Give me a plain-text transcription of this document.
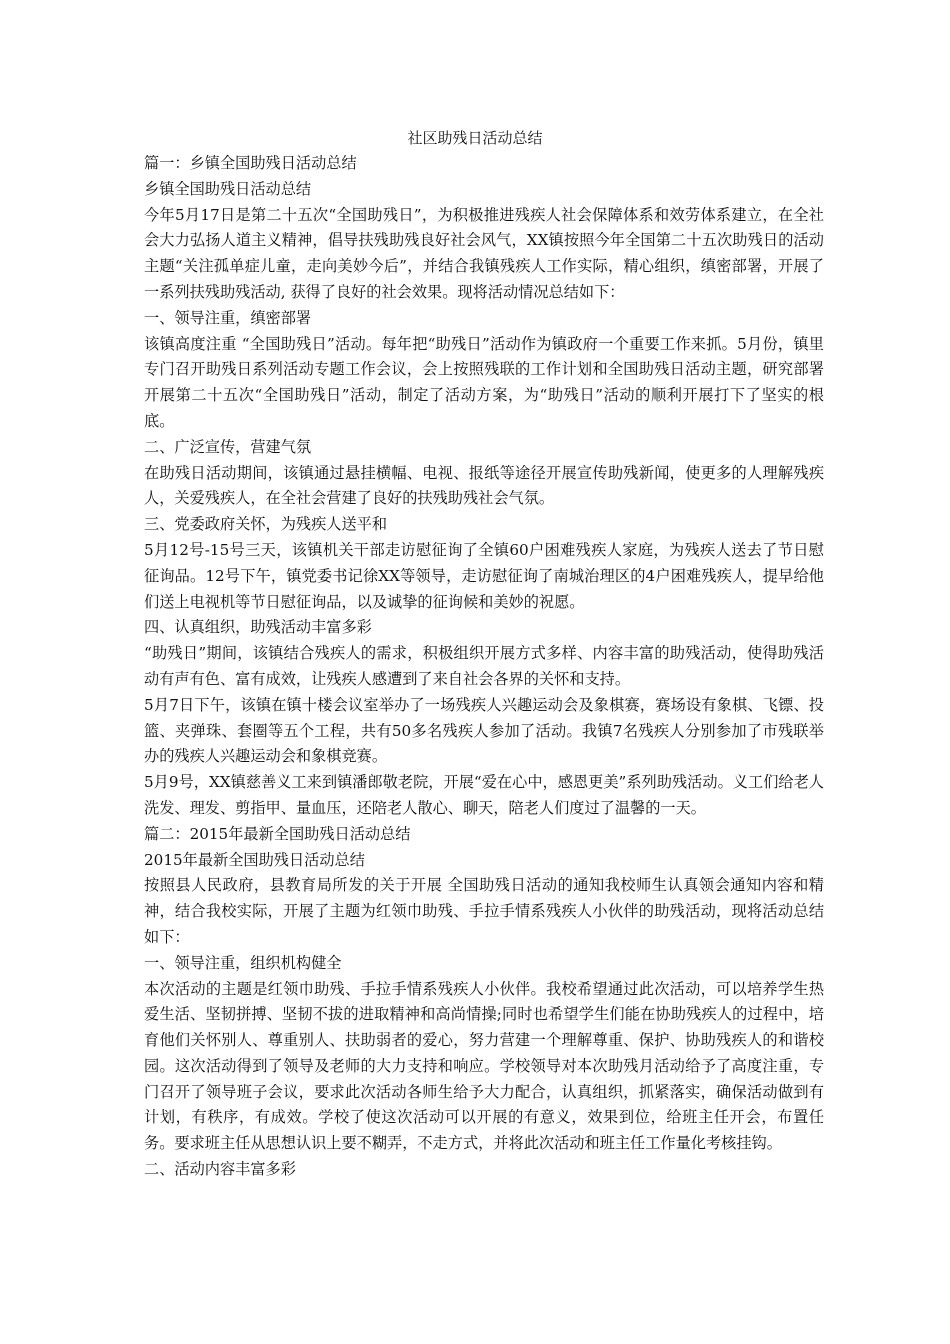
社区助残日活动总结

篇一：乡镇全国助残日活动总结

乡镇全国助残日活动总结

今年5月17日是第二十五次“全国助残日”，为积极推进残疾人社会保障体系和效劳体系建立，在全社会大力弘扬人道主义精神，倡导扶残助残良好社会风气，XX镇按照今年全国第二十五次助残日的活动主题“关注孤单症儿童，走向美妙今后”，并结合我镇残疾人工作实际，精心组织，缜密部署，开展了一系列扶残助残活动, 获得了良好的社会效果。现将活动情况总结如下：

一、领导注重，缜密部署

该镇高度注重 “全国助残日”活动。每年把“助残日”活动作为镇政府一个重要工作来抓。5月份，镇里专门召开助残日系列活动专题工作会议，会上按照残联的工作计划和全国助残日活动主题，研究部署开展第二十五次“全国助残日”活动，制定了活动方案，为“助残日”活动的顺利开展打下了坚实的根底。

二、广泛宣传，营建气氛

在助残日活动期间，该镇通过悬挂横幅、电视、报纸等途径开展宣传助残新闻，使更多的人理解残疾人，关爱残疾人，在全社会营建了良好的扶残助残社会气氛。

三、党委政府关怀，为残疾人送平和

5月12号-15号三天，该镇机关干部走访慰征询了全镇60户困难残疾人家庭，为残疾人送去了节日慰征询品。12号下午，镇党委书记徐XX等领导，走访慰征询了南城治理区的4户困难残疾人，提早给他们送上电视机等节日慰征询品，以及诚挚的征询候和美妙的祝愿。

四、认真组织，助残活动丰富多彩

“助残日”期间，该镇结合残疾人的需求，积极组织开展方式多样、内容丰富的助残活动，使得助残活动有声有色、富有成效，让残疾人感遭到了来自社会各界的关怀和支持。

5月7日下午，该镇在镇十楼会议室举办了一场残疾人兴趣运动会及象棋赛，赛场设有象棋、飞镖、投篮、夹弹珠、套圈等五个工程，共有50多名残疾人参加了活动。我镇7名残疾人分别参加了市残联举办的残疾人兴趣运动会和象棋竞赛。

5月9号，XX镇慈善义工来到镇潘郎敬老院，开展“爱在心中，感恩更美”系列助残活动。义工们给老人洗发、理发、剪指甲、量血压，还陪老人散心、聊天，陪老人们度过了温馨的一天。

篇二：2015年最新全国助残日活动总结

2015年最新全国助残日活动总结

按照县人民政府，县教育局所发的关于开展 全国助残日活动的通知我校师生认真领会通知内容和精神，结合我校实际，开展了主题为红领巾助残、手拉手情系残疾人小伙伴的助残活动，现将活动总结如下：

一、领导注重，组织机构健全

本次活动的主题是红领巾助残、手拉手情系残疾人小伙伴。我校希望通过此次活动，可以培养学生热爱生活、坚韧拼搏、坚韧不拔的进取精神和高尚情操;同时也希望学生们能在协助残疾人的过程中，培育他们关怀别人、尊重别人、扶助弱者的爱心，努力营建一个理解尊重、保护、协助残疾人的和谐校园。这次活动得到了领导及老师的大力支持和响应。学校领导对本次助残月活动给予了高度注重，专门召开了领导班子会议，要求此次活动各师生给予大力配合，认真组织，抓紧落实，确保活动做到有计划，有秩序，有成效。学校了使这次活动可以开展的有意义，效果到位，给班主任开会，布置任务。要求班主任从思想认识上要不糊弄，不走方式，并将此次活动和班主任工作量化考核挂钩。

二、活动内容丰富多彩
